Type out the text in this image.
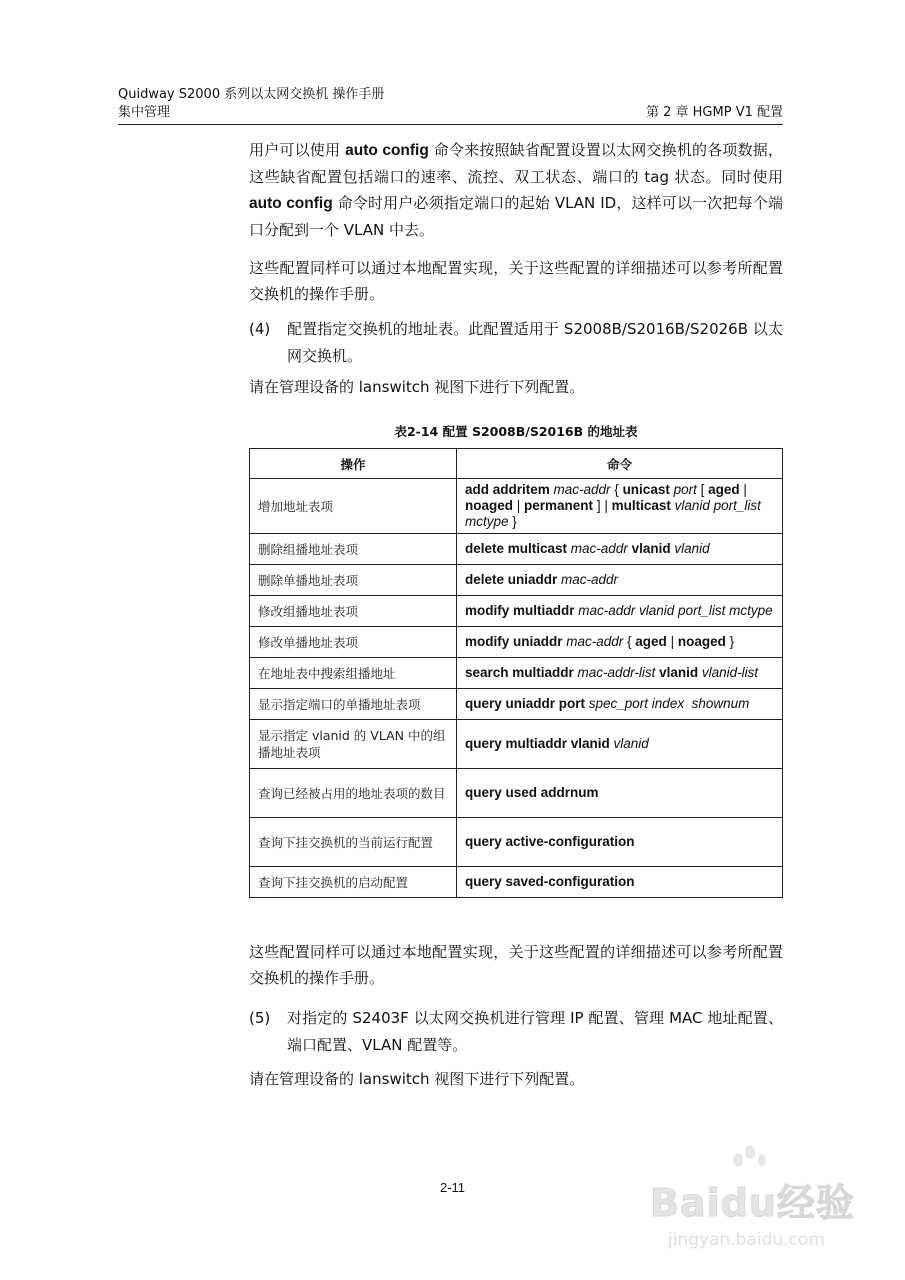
Quidway S2000 系列以太网交换机 操作手册
集中管理	第 2 章 HGMP V1 配置
用户可以使用 auto config 命令来按照缺省配置设置以太网交换机的各项数据，这些缺省配置包括端口的速率、流控、双工状态、端口的 tag 状态。同时使用 auto config 命令时用户必须指定端口的起始 VLAN ID，这样可以一次把每个端口分配到一个 VLAN 中去。
这些配置同样可以通过本地配置实现，关于这些配置的详细描述可以参考所配置交换机的操作手册。
(4)	配置指定交换机的地址表。此配置适用于 S2008B/S2016B/S2026B 以太网交换机。
请在管理设备的 lanswitch 视图下进行下列配置。
表2-14 配置 S2008B/S2016B 的地址表
操作	命令
增加地址表项	add addritem mac-addr { unicast port [ aged | noaged | permanent ] | multicast vlanid port_list mctype }
删除组播地址表项	delete multicast mac-addr vlanid vlanid
删除单播地址表项	delete uniaddr mac-addr
修改组播地址表项	modify multiaddr mac-addr vlanid port_list mctype
修改单播地址表项	modify uniaddr mac-addr { aged | noaged }
在地址表中搜索组播地址	search multiaddr mac-addr-list vlanid vlanid-list
显示指定端口的单播地址表项	query uniaddr port spec_port index  shownum
显示指定 vlanid 的 VLAN 中的组播地址表项	query multiaddr vlanid vlanid
查询已经被占用的地址表项的数目	query used addrnum
查询下挂交换机的当前运行配置	query active-configuration
查询下挂交换机的启动配置	query saved-configuration
这些配置同样可以通过本地配置实现，关于这些配置的详细描述可以参考所配置交换机的操作手册。
(5)	对指定的 S2403F 以太网交换机进行管理 IP 配置、管理 MAC 地址配置、端口配置、VLAN 配置等。
请在管理设备的 lanswitch 视图下进行下列配置。
2-11	Baidu经验
jingyan.baidu.com
